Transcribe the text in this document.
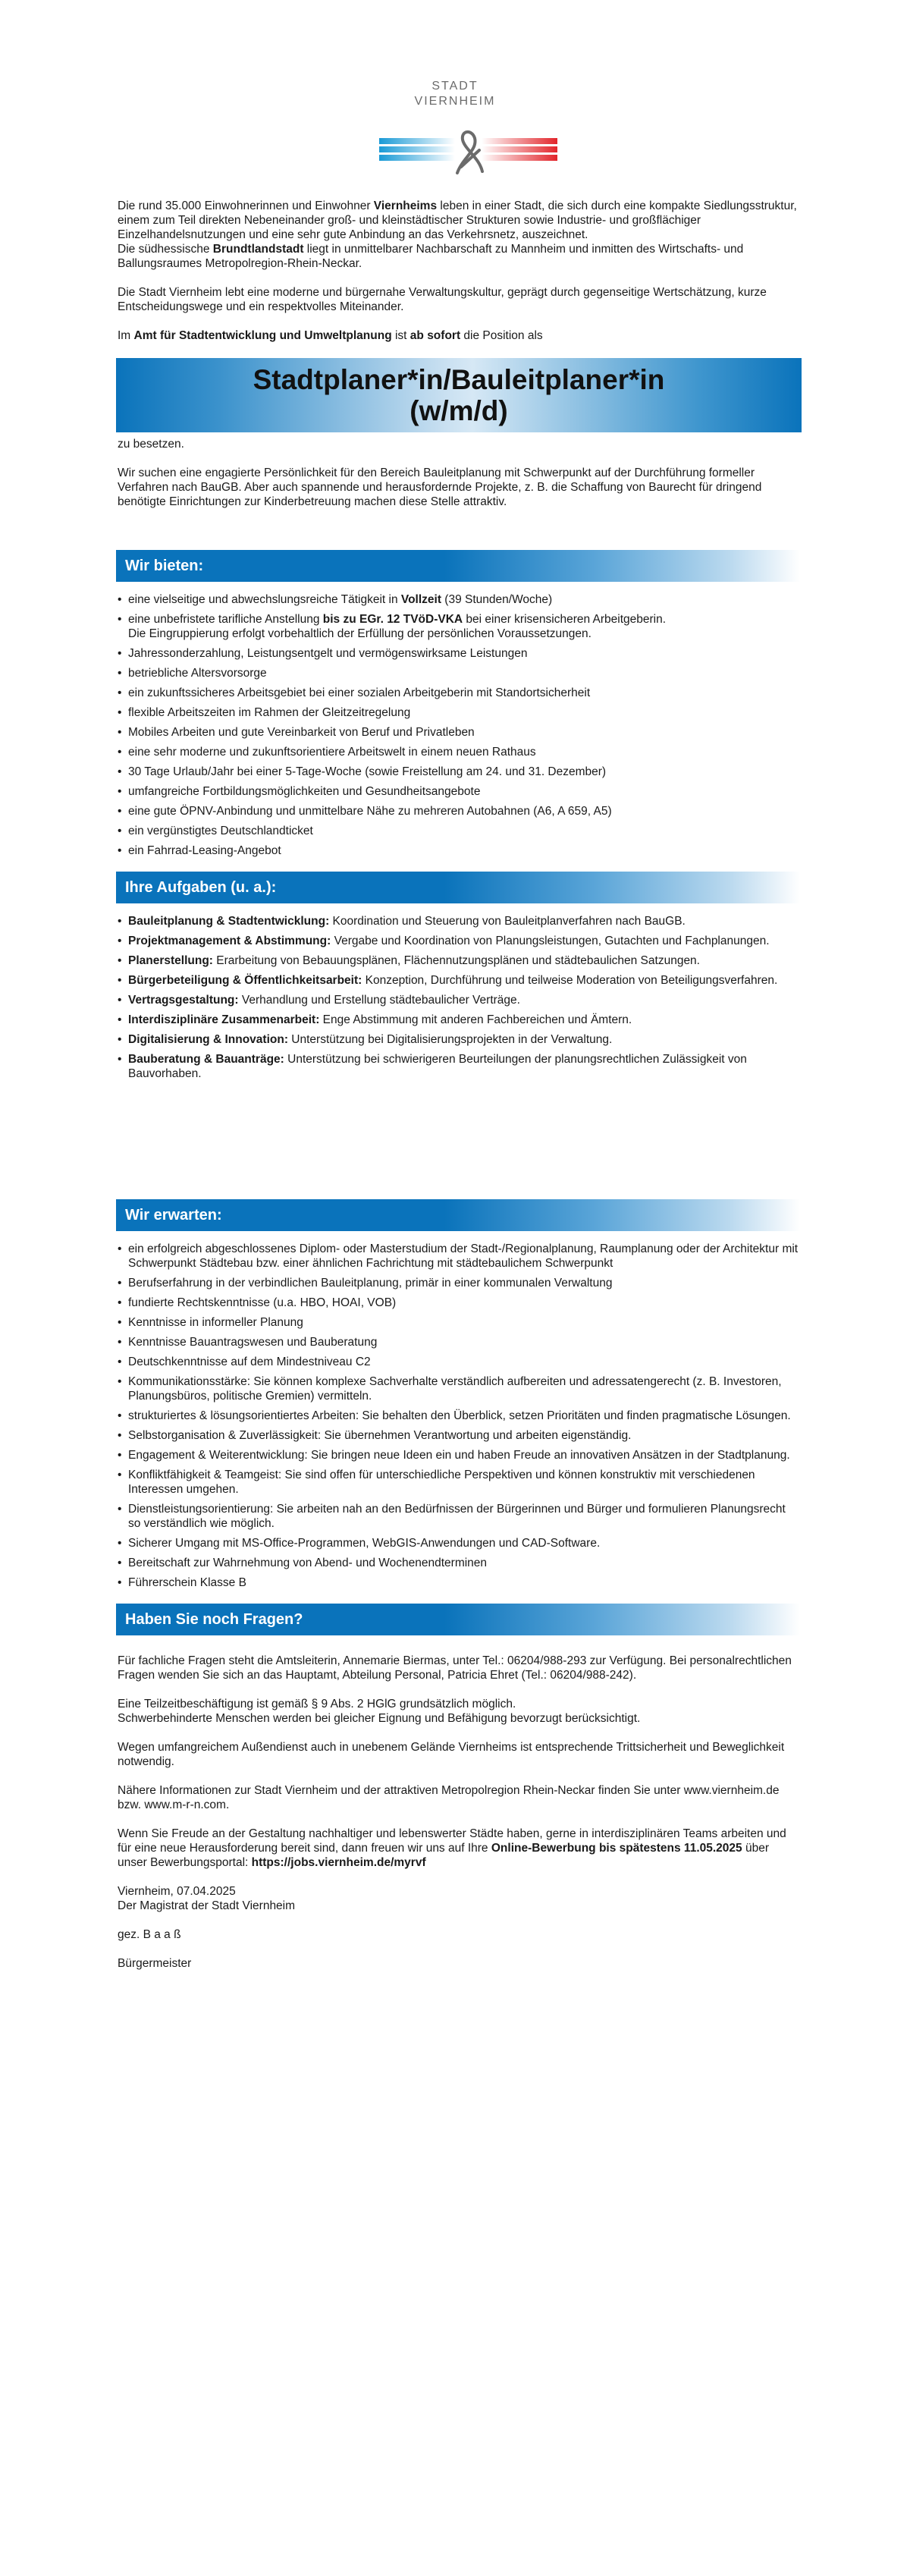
STADT
VIERNHEIM

Die rund 35.000 Einwohnerinnen und Einwohner Viernheims leben in einer Stadt, die sich durch eine kompakte Siedlungsstruktur, einem zum Teil direkten Nebeneinander groß- und kleinstädtischer Strukturen sowie Industrie- und großflächiger Einzelhandelsnutzungen und eine sehr gute Anbindung an das Verkehrsnetz, auszeichnet.

Die südhessische Brundtlandstadt liegt in unmittelbarer Nachbarschaft zu Mannheim und inmitten des Wirtschafts- und Ballungsraumes Metropolregion-Rhein-Neckar.

Die Stadt Viernheim lebt eine moderne und bürgernahe Verwaltungskultur, geprägt durch gegenseitige Wertschätzung, kurze Entscheidungswege und ein respektvolles Miteinander.

Im Amt für Stadtentwicklung und Umweltplanung ist ab sofort die Position als

Stadtplaner*in/Bauleitplaner*in
(w/m/d)

zu besetzen.

Wir suchen eine engagierte Persönlichkeit für den Bereich Bauleitplanung mit Schwerpunkt auf der Durchführung formeller Verfahren nach BauGB. Aber auch spannende und herausfordernde Projekte, z. B. die Schaffung von Baurecht für dringend benötigte Einrichtungen zur Kinderbetreuung machen diese Stelle attraktiv.

Wir bieten:
• eine vielseitige und abwechslungsreiche Tätigkeit in Vollzeit (39 Stunden/Woche)
• eine unbefristete tarifliche Anstellung bis zu EGr. 12 TVöD-VKA bei einer krisensicheren Arbeitgeberin.
Die Eingruppierung erfolgt vorbehaltlich der Erfüllung der persönlichen Voraussetzungen.
• Jahressonderzahlung, Leistungsentgelt und vermögenswirksame Leistungen
• betriebliche Altersvorsorge
• ein zukunftssicheres Arbeitsgebiet bei einer sozialen Arbeitgeberin mit Standortsicherheit
• flexible Arbeitszeiten im Rahmen der Gleitzeitregelung
• Mobiles Arbeiten und gute Vereinbarkeit von Beruf und Privatleben
• eine sehr moderne und zukunftsorientiere Arbeitswelt in einem neuen Rathaus
• 30 Tage Urlaub/Jahr bei einer 5-Tage-Woche (sowie Freistellung am 24. und 31. Dezember)
• umfangreiche Fortbildungsmöglichkeiten und Gesundheitsangebote
• eine gute ÖPNV-Anbindung und unmittelbare Nähe zu mehreren Autobahnen (A6, A 659, A5)
• ein vergünstigtes Deutschlandticket
• ein Fahrrad-Leasing-Angebot
Ihre Aufgaben (u. a.):
• Bauleitplanung & Stadtentwicklung: Koordination und Steuerung von Bauleitplanverfahren nach BauGB.
• Projektmanagement & Abstimmung: Vergabe und Koordination von Planungsleistungen, Gutachten und Fachplanungen.
• Planerstellung: Erarbeitung von Bebauungsplänen, Flächennutzungsplänen und städtebaulichen Satzungen.
• Bürgerbeteiligung & Öffentlichkeitsarbeit: Konzeption, Durchführung und teilweise Moderation von Beteiligungsverfahren.
• Vertragsgestaltung: Verhandlung und Erstellung städtebaulicher Verträge.
• Interdisziplinäre Zusammenarbeit: Enge Abstimmung mit anderen Fachbereichen und Ämtern.
• Digitalisierung & Innovation: Unterstützung bei Digitalisierungsprojekten in der Verwaltung.
• Bauberatung & Bauanträge: Unterstützung bei schwierigeren Beurteilungen der planungsrechtlichen Zulässigkeit von Bauvorhaben.
Wir erwarten:
• ein erfolgreich abgeschlossenes Diplom- oder Masterstudium der Stadt-/Regionalplanung, Raumplanung oder der Architektur mit Schwerpunkt Städtebau bzw. einer ähnlichen Fachrichtung mit städtebaulichem Schwerpunkt
• Berufserfahrung in der verbindlichen Bauleitplanung, primär in einer kommunalen Verwaltung
• fundierte Rechtskenntnisse (u.a. HBO, HOAI, VOB)
• Kenntnisse in informeller Planung
• Kenntnisse Bauantragswesen und Bauberatung
• Deutschkenntnisse auf dem Mindestniveau C2
• Kommunikationsstärke: Sie können komplexe Sachverhalte verständlich aufbereiten und adressatengerecht (z. B. Investoren, Planungsbüros, politische Gremien) vermitteln.
• strukturiertes & lösungsorientiertes Arbeiten: Sie behalten den Überblick, setzen Prioritäten und finden pragmatische Lösungen.
• Selbstorganisation & Zuverlässigkeit: Sie übernehmen Verantwortung und arbeiten eigenständig.
• Engagement & Weiterentwicklung: Sie bringen neue Ideen ein und haben Freude an innovativen Ansätzen in der Stadtplanung.
• Konfliktfähigkeit & Teamgeist: Sie sind offen für unterschiedliche Perspektiven und können konstruktiv mit verschiedenen Interessen umgehen.
• Dienstleistungsorientierung: Sie arbeiten nah an den Bedürfnissen der Bürgerinnen und Bürger und formulieren Planungsrecht so verständlich wie möglich.
• Sicherer Umgang mit MS-Office-Programmen, WebGIS-Anwendungen und CAD-Software.
• Bereitschaft zur Wahrnehmung von Abend- und Wochenendterminen
• Führerschein Klasse B
Haben Sie noch Fragen?

Für fachliche Fragen steht die Amtsleiterin, Annemarie Biermas, unter Tel.: 06204/988-293 zur Verfügung. Bei personalrechtlichen Fragen wenden Sie sich an das Hauptamt, Abteilung Personal, Patricia Ehret (Tel.: 06204/988-242).

Eine Teilzeitbeschäftigung ist gemäß § 9 Abs. 2 HGlG grundsätzlich möglich.
Schwerbehinderte Menschen werden bei gleicher Eignung und Befähigung bevorzugt berücksichtigt.

Wegen umfangreichem Außendienst auch in unebenem Gelände Viernheims ist entsprechende Trittsicherheit und Beweglichkeit notwendig.

Nähere Informationen zur Stadt Viernheim und der attraktiven Metropolregion Rhein-Neckar finden Sie unter www.viernheim.de bzw. www.m-r-n.com.

Wenn Sie Freude an der Gestaltung nachhaltiger und lebenswerter Städte haben, gerne in interdisziplinären Teams arbeiten und für eine neue Herausforderung bereit sind, dann freuen wir uns auf Ihre Online-Bewerbung bis spätestens 11.05.2025 über unser Bewerbungsportal: https://jobs.viernheim.de/myrvf

Viernheim, 07.04.2025
Der Magistrat der Stadt Viernheim

gez. B a a ß

Bürgermeister
